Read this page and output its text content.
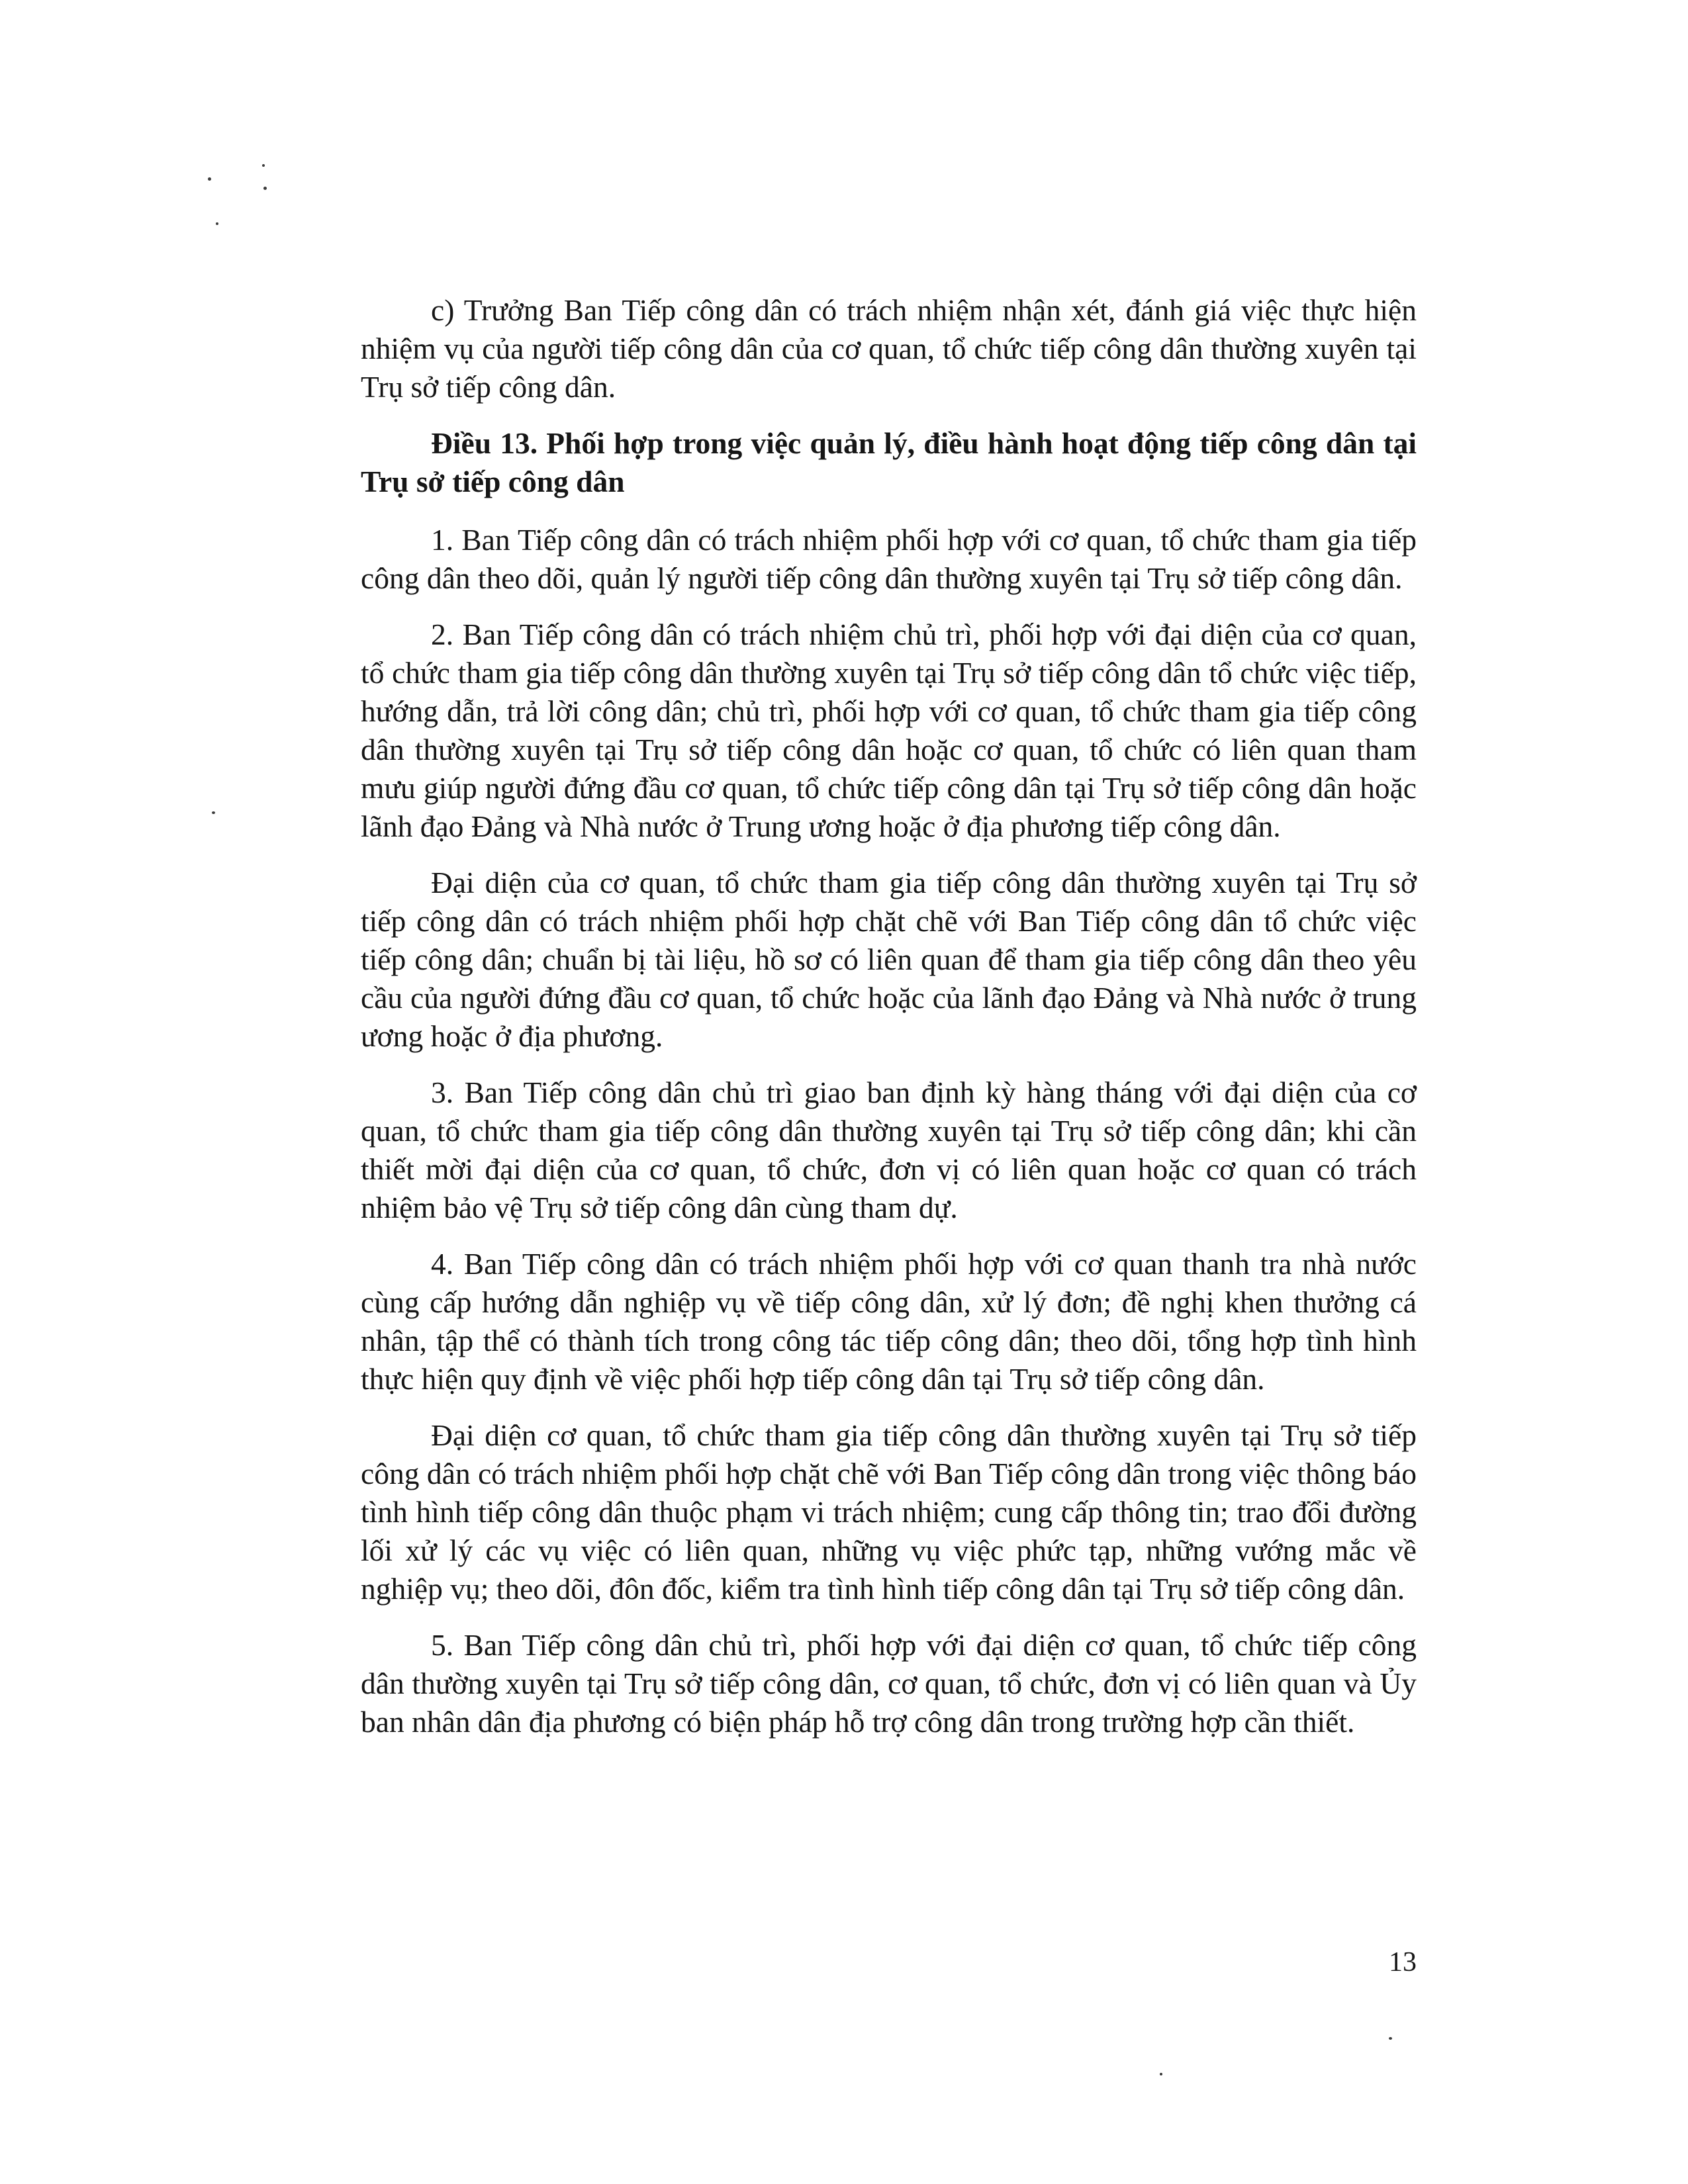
c) Trưởng Ban Tiếp công dân có trách nhiệm nhận xét, đánh giá việc thực hiện nhiệm vụ của người tiếp công dân của cơ quan, tổ chức tiếp công dân thường xuyên tại Trụ sở tiếp công dân.

Điều 13. Phối hợp trong việc quản lý, điều hành hoạt động tiếp công dân tại Trụ sở tiếp công dân

1. Ban Tiếp công dân có trách nhiệm phối hợp với cơ quan, tổ chức tham gia tiếp công dân theo dõi, quản lý người tiếp công dân thường xuyên tại Trụ sở tiếp công dân.

2. Ban Tiếp công dân có trách nhiệm chủ trì, phối hợp với đại diện của cơ quan, tổ chức tham gia tiếp công dân thường xuyên tại Trụ sở tiếp công dân tổ chức việc tiếp, hướng dẫn, trả lời công dân; chủ trì, phối hợp với cơ quan, tổ chức tham gia tiếp công dân thường xuyên tại Trụ sở tiếp công dân hoặc cơ quan, tổ chức có liên quan tham mưu giúp người đứng đầu cơ quan, tổ chức tiếp công dân tại Trụ sở tiếp công dân hoặc lãnh đạo Đảng và Nhà nước ở Trung ương hoặc ở địa phương tiếp công dân.

Đại diện của cơ quan, tổ chức tham gia tiếp công dân thường xuyên tại Trụ sở tiếp công dân có trách nhiệm phối hợp chặt chẽ với Ban Tiếp công dân tổ chức việc tiếp công dân; chuẩn bị tài liệu, hồ sơ có liên quan để tham gia tiếp công dân theo yêu cầu của người đứng đầu cơ quan, tổ chức hoặc của lãnh đạo Đảng và Nhà nước ở trung ương hoặc ở địa phương.

3. Ban Tiếp công dân chủ trì giao ban định kỳ hàng tháng với đại diện của cơ quan, tổ chức tham gia tiếp công dân thường xuyên tại Trụ sở tiếp công dân; khi cần thiết mời đại diện của cơ quan, tổ chức, đơn vị có liên quan hoặc cơ quan có trách nhiệm bảo vệ Trụ sở tiếp công dân cùng tham dự.

4. Ban Tiếp công dân có trách nhiệm phối hợp với cơ quan thanh tra nhà nước cùng cấp hướng dẫn nghiệp vụ về tiếp công dân, xử lý đơn; đề nghị khen thưởng cá nhân, tập thể có thành tích trong công tác tiếp công dân; theo dõi, tổng hợp tình hình thực hiện quy định về việc phối hợp tiếp công dân tại Trụ sở tiếp công dân.

Đại diện cơ quan, tổ chức tham gia tiếp công dân thường xuyên tại Trụ sở tiếp công dân có trách nhiệm phối hợp chặt chẽ với Ban Tiếp công dân trong việc thông báo tình hình tiếp công dân thuộc phạm vi trách nhiệm; cung cấp thông tin; trao đổi đường lối xử lý các vụ việc có liên quan, những vụ việc phức tạp, những vướng mắc về nghiệp vụ; theo dõi, đôn đốc, kiểm tra tình hình tiếp công dân tại Trụ sở tiếp công dân.

5. Ban Tiếp công dân chủ trì, phối hợp với đại diện cơ quan, tổ chức tiếp công dân thường xuyên tại Trụ sở tiếp công dân, cơ quan, tổ chức, đơn vị có liên quan và Ủy ban nhân dân địa phương có biện pháp hỗ trợ công dân trong trường hợp cần thiết.

13
